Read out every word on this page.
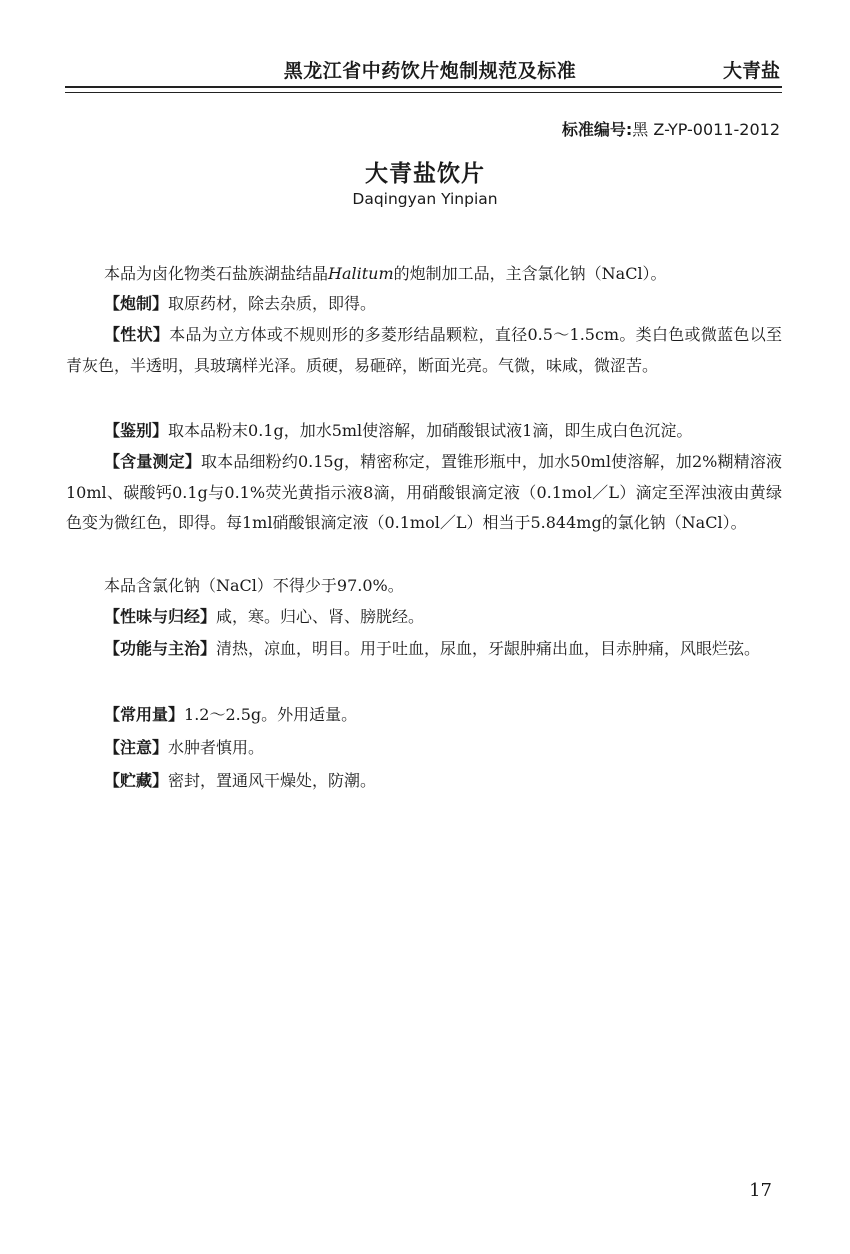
黑龙江省中药饮片炮制规范及标准	大青盐
标准编号:黑 Z-YP-0011-2012
大青盐饮片
Daqingyan Yinpian
本品为卤化物类石盐族湖盐结晶Halitum的炮制加工品，主含氯化钠（NaCl）。
【炮制】取原药材，除去杂质，即得。
【性状】本品为立方体或不规则形的多菱形结晶颗粒，直径0.5～1.5cm。类白色或微蓝色以至青灰色，半透明，具玻璃样光泽。质硬，易砸碎，断面光亮。气微，味咸，微涩苦。
【鉴别】取本品粉末0.1g，加水5ml使溶解，加硝酸银试液1滴，即生成白色沉淀。
【含量测定】取本品细粉约0.15g，精密称定，置锥形瓶中，加水50ml使溶解，加2%糊精溶液10ml、碳酸钙0.1g与0.1%荧光黄指示液8滴，用硝酸银滴定液（0.1mol／L）滴定至浑浊液由黄绿色变为微红色，即得。每1ml硝酸银滴定液（0.1mol／L）相当于5.844mg的氯化钠（NaCl）。
本品含氯化钠（NaCl）不得少于97.0%。
【性味与归经】咸，寒。归心、肾、膀胱经。
【功能与主治】清热，凉血，明目。用于吐血，尿血，牙龈肿痛出血，目赤肿痛，风眼烂弦。
【常用量】1.2～2.5g。外用适量。
【注意】水肿者慎用。
【贮藏】密封，置通风干燥处，防潮。
17
